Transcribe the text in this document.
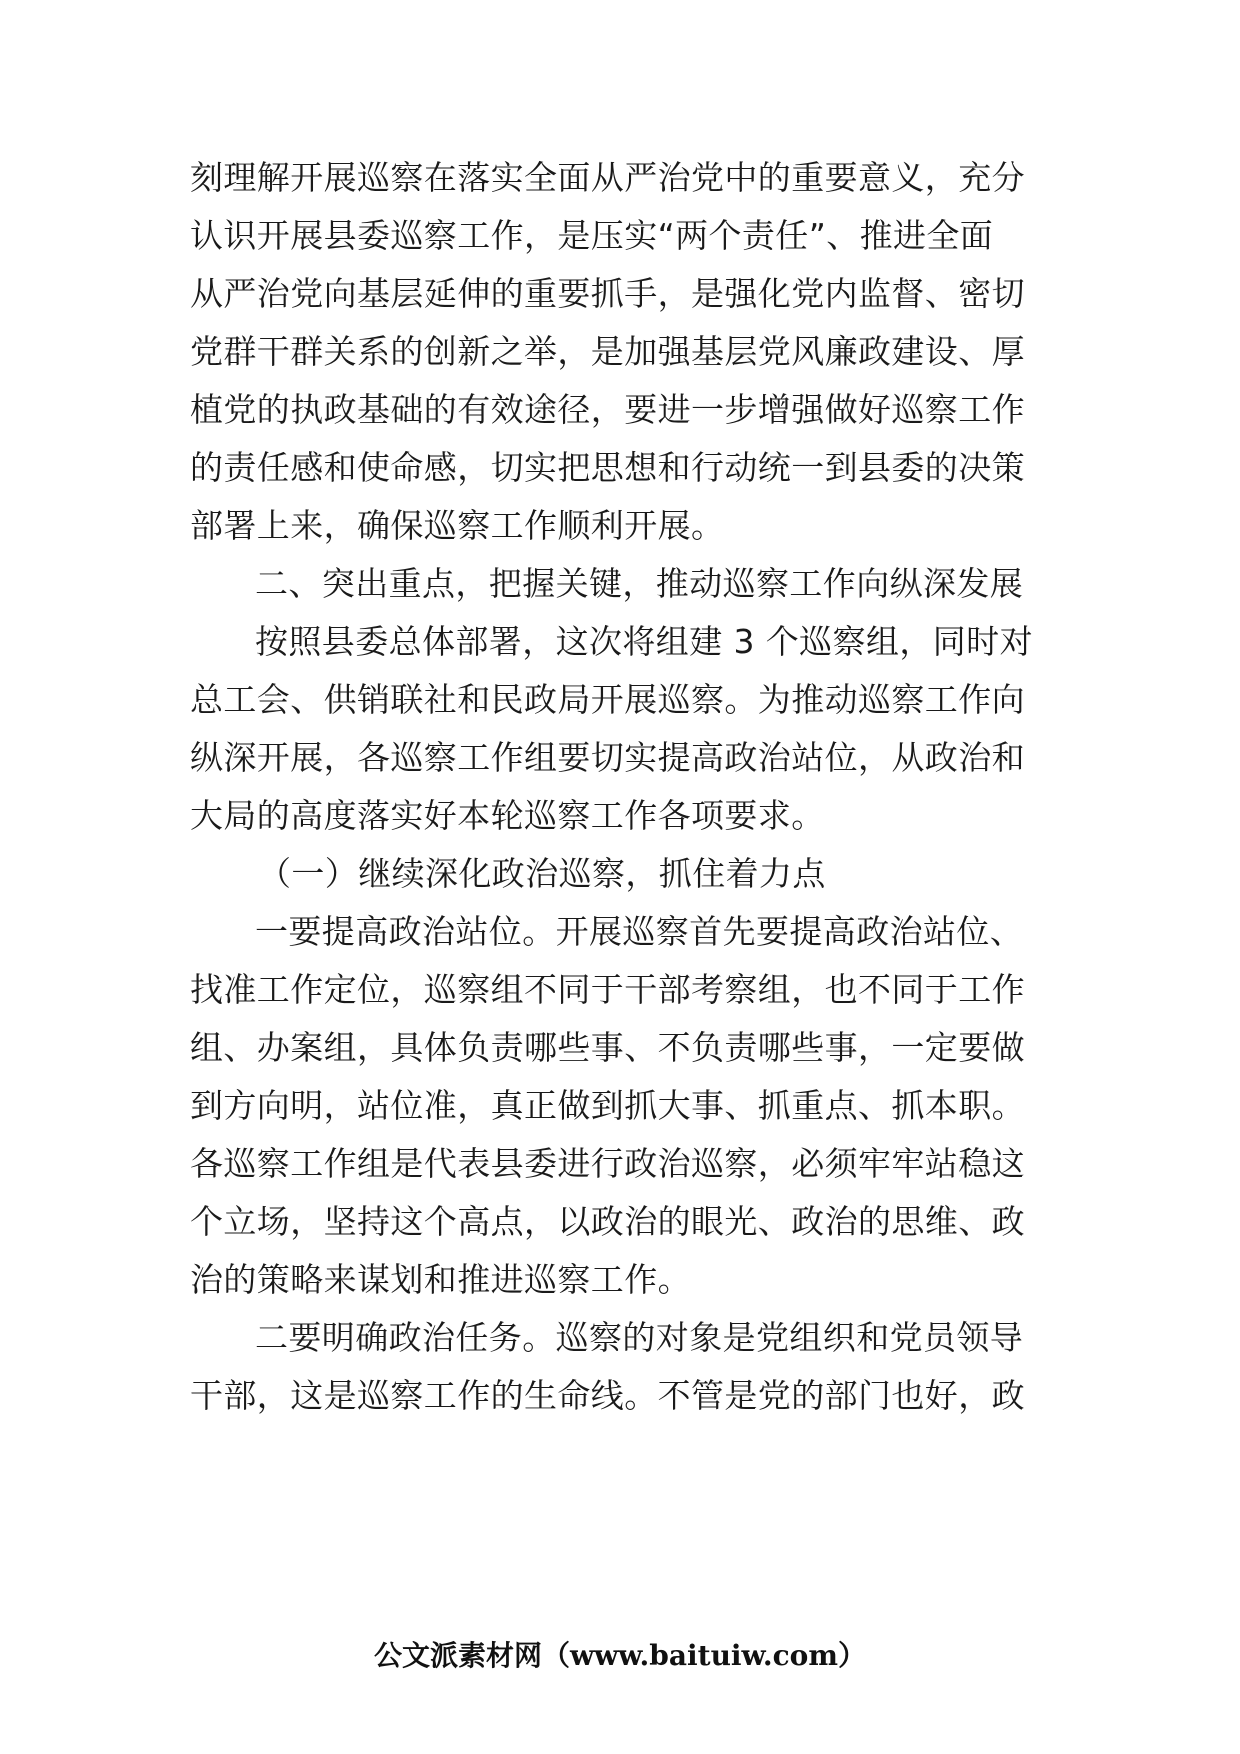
刻理解开展巡察在落实全面从严治党中的重要意义，充分
认识开展县委巡察工作，是压实“两个责任”、推进全面
从严治党向基层延伸的重要抓手，是强化党内监督、密切
党群干群关系的创新之举，是加强基层党风廉政建设、厚
植党的执政基础的有效途径，要进一步增强做好巡察工作
的责任感和使命感，切实把思想和行动统一到县委的决策
部署上来，确保巡察工作顺利开展。
二、突出重点，把握关键，推动巡察工作向纵深发展
按照县委总体部署，这次将组建 3 个巡察组，同时对
总工会、供销联社和民政局开展巡察。为推动巡察工作向
纵深开展，各巡察工作组要切实提高政治站位，从政治和
大局的高度落实好本轮巡察工作各项要求。
（一）继续深化政治巡察，抓住着力点
一要提高政治站位。开展巡察首先要提高政治站位、
找准工作定位，巡察组不同于干部考察组，也不同于工作
组、办案组，具体负责哪些事、不负责哪些事，一定要做
到方向明，站位准，真正做到抓大事、抓重点、抓本职。
各巡察工作组是代表县委进行政治巡察，必须牢牢站稳这
个立场，坚持这个高点，以政治的眼光、政治的思维、政
治的策略来谋划和推进巡察工作。
二要明确政治任务。巡察的对象是党组织和党员领导
干部，这是巡察工作的生命线。不管是党的部门也好，政
公文派素材网（www.baituiw.com）
